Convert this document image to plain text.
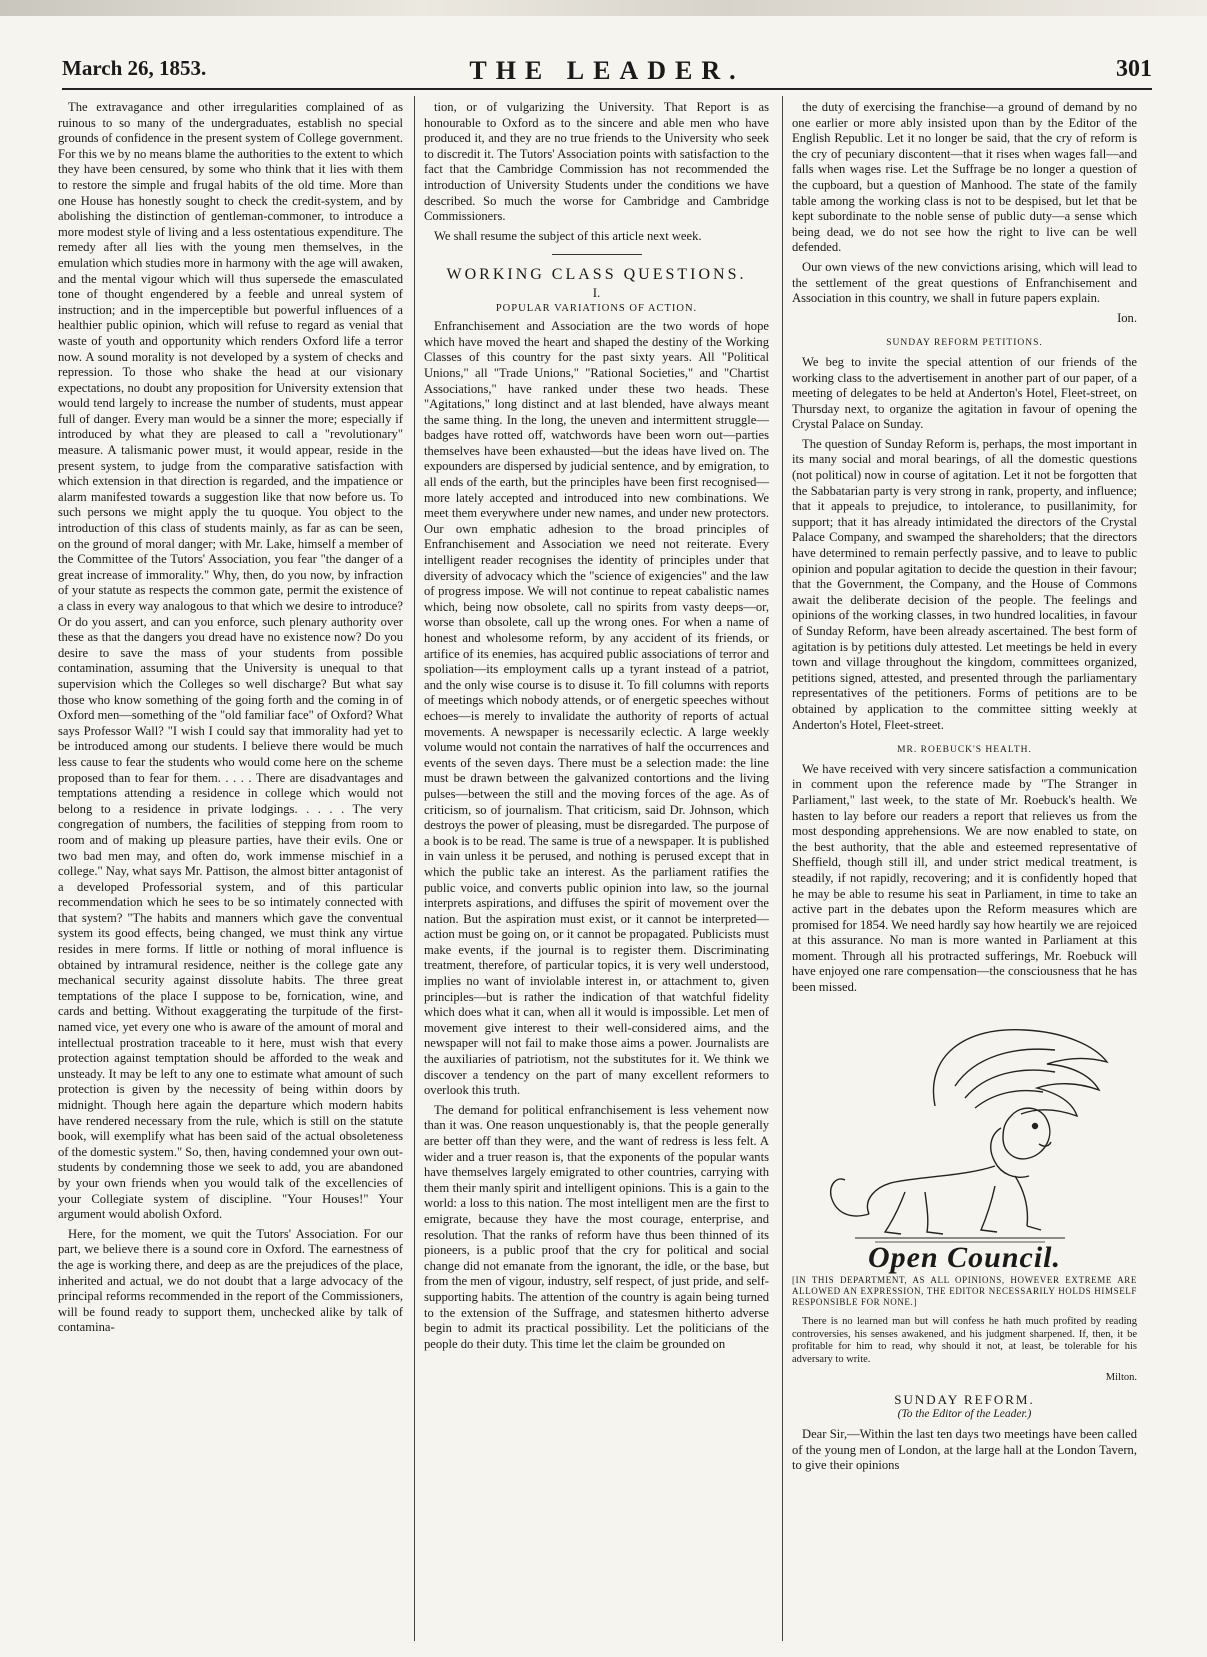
THE LEADER.
March 26, 1853.	301

The extravagance and other irregularities complained of as ruinous to so many of the undergraduates, establish no special grounds of confidence in the present system of College government. For this we by no means blame the authorities to the extent to which they have been censured, by some who think that it lies with them to restore the simple and frugal habits of the old time. More than one House has honestly sought to check the credit-system, and by abolishing the distinction of gentleman-commoner, to introduce a more modest style of living and a less ostentatious expenditure. The remedy after all lies with the young men themselves, in the emulation which studies more in harmony with the age will awaken, and the mental vigour which will thus supersede the emasculated tone of thought engendered by a feeble and unreal system of instruction; and in the imperceptible but powerful influences of a healthier public opinion, which will refuse to regard as venial that waste of youth and opportunity which renders Oxford life a terror now. A sound morality is not developed by a system of checks and repression. To those who shake the head at our visionary expectations, no doubt any proposition for University extension that would tend largely to increase the number of students, must appear full of danger. Every man would be a sinner the more; especially if introduced by what they are pleased to call a "revolutionary" measure. A talismanic power must, it would appear, reside in the present system, to judge from the comparative satisfaction with which extension in that direction is regarded, and the impatience or alarm manifested towards a suggestion like that now before us. To such persons we might apply the tu quoque. You object to the introduction of this class of students mainly, as far as can be seen, on the ground of moral danger; with Mr. Lake, himself a member of the Committee of the Tutors' Association, you fear "the danger of a great increase of immorality." Why, then, do you now, by infraction of your statute as respects the common gate, permit the existence of a class in every way analogous to that which we desire to introduce? Or do you assert, and can you enforce, such plenary authority over these as that the dangers you dread have no existence now? Do you desire to save the mass of your students from possible contamination, assuming that the University is unequal to that supervision which the Colleges so well discharge? But what say those who know something of the going forth and the coming in of Oxford men—something of the "old familiar face" of Oxford? What says Professor Wall? "I wish I could say that immorality had yet to be introduced among our students. I believe there would be much less cause to fear the students who would come here on the scheme proposed than to fear for them. . . . . There are disadvantages and temptations attending a residence in college which would not belong to a residence in private lodgings. . . . . The very congregation of numbers, the facilities of stepping from room to room and of making up pleasure parties, have their evils. One or two bad men may, and often do, work immense mischief in a college." Nay, what says Mr. Pattison, the almost bitter antagonist of a developed Professorial system, and of this particular recommendation which he sees to be so intimately connected with that system? "The habits and manners which gave the conventual system its good effects, being changed, we must think any virtue resides in mere forms. If little or nothing of moral influence is obtained by intramural residence, neither is the college gate any mechanical security against dissolute habits. The three great temptations of the place I suppose to be, fornication, wine, and cards and betting. Without exaggerating the turpitude of the first-named vice, yet every one who is aware of the amount of moral and intellectual prostration traceable to it here, must wish that every protection against temptation should be afforded to the weak and unsteady. It may be left to any one to estimate what amount of such protection is given by the necessity of being within doors by midnight. Though here again the departure which modern habits have rendered necessary from the rule, which is still on the statute book, will exemplify what has been said of the actual obsoleteness of the domestic system." So, then, having condemned your own out-students by condemning those we seek to add, you are abandoned by your own friends when you would talk of the excellencies of your Collegiate system of discipline. "Your Houses!" Your argument would abolish Oxford.

Here, for the moment, we quit the Tutors' Association. For our part, we believe there is a sound core in Oxford. The earnestness of the age is working there, and deep as are the prejudices of the place, inherited and actual, we do not doubt that a large advocacy of the principal reforms recommended in the report of the Commissioners, will be found ready to support them, unchecked alike by talk of contamina-

tion, or of vulgarizing the University. That Report is as honourable to Oxford as to the sincere and able men who have produced it, and they are no true friends to the University who seek to discredit it. The Tutors' Association points with satisfaction to the fact that the Cambridge Commission has not recommended the introduction of University Students under the conditions we have described. So much the worse for Cambridge and Cambridge Commissioners.

We shall resume the subject of this article next week.

WORKING CLASS QUESTIONS.
I.
POPULAR VARIATIONS OF ACTION.

Enfranchisement and Association are the two words of hope which have moved the heart and shaped the destiny of the Working Classes of this country for the past sixty years. All "Political Unions," all "Trade Unions," "Rational Societies," and "Chartist Associations," have ranked under these two heads. These "Agitations," long distinct and at last blended, have always meant the same thing. In the long, the uneven and intermittent struggle—badges have rotted off, watchwords have been worn out—parties themselves have been exhausted—but the ideas have lived on. The expounders are dispersed by judicial sentence, and by emigration, to all ends of the earth, but the principles have been first recognised—more lately accepted and introduced into new combinations. We meet them everywhere under new names, and under new protectors. Our own emphatic adhesion to the broad principles of Enfranchisement and Association we need not reiterate. Every intelligent reader recognises the identity of principles under that diversity of advocacy which the "science of exigencies" and the law of progress impose. We will not continue to repeat cabalistic names which, being now obsolete, call no spirits from vasty deeps—or, worse than obsolete, call up the wrong ones. For when a name of honest and wholesome reform, by any accident of its friends, or artifice of its enemies, has acquired public associations of terror and spoliation—its employment calls up a tyrant instead of a patriot, and the only wise course is to disuse it. To fill columns with reports of meetings which nobody attends, or of energetic speeches without echoes—is merely to invalidate the authority of reports of actual movements. A newspaper is necessarily eclectic. A large weekly volume would not contain the narratives of half the occurrences and events of the seven days. There must be a selection made: the line must be drawn between the galvanized contortions and the living pulses—between the still and the moving forces of the age. As of criticism, so of journalism. That criticism, said Dr. Johnson, which destroys the power of pleasing, must be disregarded. The purpose of a book is to be read. The same is true of a newspaper. It is published in vain unless it be perused, and nothing is perused except that in which the public take an interest. As the parliament ratifies the public voice, and converts public opinion into law, so the journal interprets aspirations, and diffuses the spirit of movement over the nation. But the aspiration must exist, or it cannot be interpreted—action must be going on, or it cannot be propagated. Publicists must make events, if the journal is to register them. Discriminating treatment, therefore, of particular topics, it is very well understood, implies no want of inviolable interest in, or attachment to, given principles—but is rather the indication of that watchful fidelity which does what it can, when all it would is impossible. Let men of movement give interest to their well-considered aims, and the newspaper will not fail to make those aims a power. Journalists are the auxiliaries of patriotism, not the substitutes for it. We think we discover a tendency on the part of many excellent reformers to overlook this truth.

The demand for political enfranchisement is less vehement now than it was. One reason unquestionably is, that the people generally are better off than they were, and the want of redress is less felt. A wider and a truer reason is, that the exponents of the popular wants have themselves largely emigrated to other countries, carrying with them their manly spirit and intelligent opinions. This is a gain to the world: a loss to this nation. The most intelligent men are the first to emigrate, because they have the most courage, enterprise, and resolution. That the ranks of reform have thus been thinned of its pioneers, is a public proof that the cry for political and social change did not emanate from the ignorant, the idle, or the base, but from the men of vigour, industry, self respect, of just pride, and self-supporting habits. The attention of the country is again being turned to the extension of the Suffrage, and statesmen hitherto adverse begin to admit its practical possibility. Let the politicians of the people do their duty. This time let the claim be grounded on

the duty of exercising the franchise—a ground of demand by no one earlier or more ably insisted upon than by the Editor of the English Republic. Let it no longer be said, that the cry of reform is the cry of pecuniary discontent—that it rises when wages fall—and falls when wages rise. Let the Suffrage be no longer a question of the cupboard, but a question of Manhood. The state of the family table among the working class is not to be despised, but let that be kept subordinate to the noble sense of public duty—a sense which being dead, we do not see how the right to live can be well defended.

Our own views of the new convictions arising, which will lead to the settlement of the great questions of Enfranchisement and Association in this country, we shall in future papers explain.

Ion.
SUNDAY REFORM PETITIONS.

We beg to invite the special attention of our friends of the working class to the advertisement in another part of our paper, of a meeting of delegates to be held at Anderton's Hotel, Fleet-street, on Thursday next, to organize the agitation in favour of opening the Crystal Palace on Sunday.

The question of Sunday Reform is, perhaps, the most important in its many social and moral bearings, of all the domestic questions (not political) now in course of agitation. Let it not be forgotten that the Sabbatarian party is very strong in rank, property, and influence; that it appeals to prejudice, to intolerance, to pusillanimity, for support; that it has already intimidated the directors of the Crystal Palace Company, and swamped the shareholders; that the directors have determined to remain perfectly passive, and to leave to public opinion and popular agitation to decide the question in their favour; that the Government, the Company, and the House of Commons await the deliberate decision of the people. The feelings and opinions of the working classes, in two hundred localities, in favour of Sunday Reform, have been already ascertained. The best form of agitation is by petitions duly attested. Let meetings be held in every town and village throughout the kingdom, committees organized, petitions signed, attested, and presented through the parliamentary representatives of the petitioners. Forms of petitions are to be obtained by application to the committee sitting weekly at Anderton's Hotel, Fleet-street.

MR. ROEBUCK'S HEALTH.

We have received with very sincere satisfaction a communication in comment upon the reference made by "The Stranger in Parliament," last week, to the state of Mr. Roebuck's health. We hasten to lay before our readers a report that relieves us from the most desponding apprehensions. We are now enabled to state, on the best authority, that the able and esteemed representative of Sheffield, though still ill, and under strict medical treatment, is steadily, if not rapidly, recovering; and it is confidently hoped that he may be able to resume his seat in Parliament, in time to take an active part in the debates upon the Reform measures which are promised for 1854. We need hardly say how heartily we are rejoiced at this assurance. No man is more wanted in Parliament at this moment. Through all his protracted sufferings, Mr. Roebuck will have enjoyed one rare compensation—the consciousness that he has been missed.

Open Council.

[IN THIS DEPARTMENT, AS ALL OPINIONS, HOWEVER EXTREME ARE ALLOWED AN EXPRESSION, THE EDITOR NECESSARILY HOLDS HIMSELF RESPONSIBLE FOR NONE.]

There is no learned man but will confess he hath much profited by reading controversies, his senses awakened, and his judgment sharpened. If, then, it be profitable for him to read, why should it not, at least, be tolerable for his adversary to write.

Milton.
SUNDAY REFORM.
(To the Editor of the Leader.)

Dear Sir,—Within the last ten days two meetings have been called of the young men of London, at the large hall at the London Tavern, to give their opinions
